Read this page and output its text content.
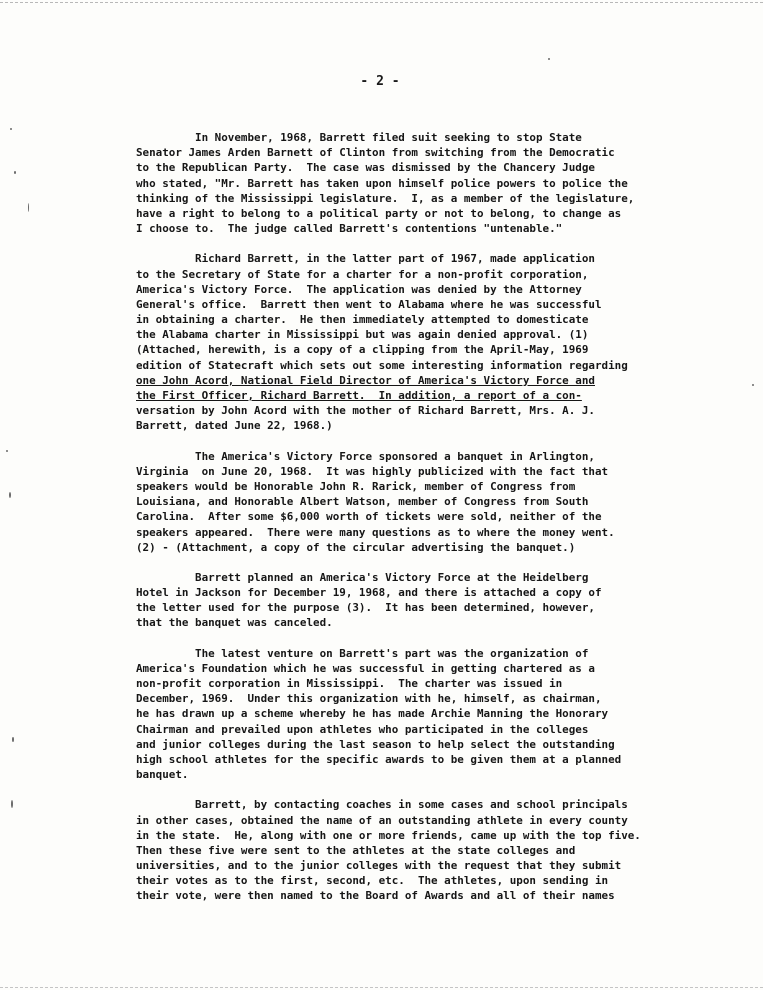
- 2 -

In November, 1968, Barrett filed suit seeking to stop State
Senator James Arden Barnett of Clinton from switching from the Democratic
to the Republican Party.  The case was dismissed by the Chancery Judge
who stated, "Mr. Barrett has taken upon himself police powers to police the
thinking of the Mississippi legislature.  I, as a member of the legislature,
have a right to belong to a political party or not to belong, to change as
I choose to.  The judge called Barrett's contentions "untenable."

Richard Barrett, in the latter part of 1967, made application
to the Secretary of State for a charter for a non-profit corporation,
America's Victory Force.  The application was denied by the Attorney
General's office.  Barrett then went to Alabama where he was successful
in obtaining a charter.  He then immediately attempted to domesticate
the Alabama charter in Mississippi but was again denied approval. (1)
(Attached, herewith, is a copy of a clipping from the April-May, 1969
edition of Statecraft which sets out some interesting information regarding
one John Acord, National Field Director of America's Victory Force and
the First Officer, Richard Barrett.  In addition, a report of a con-
versation by John Acord with the mother of Richard Barrett, Mrs. A. J.
Barrett, dated June 22, 1968.)

The America's Victory Force sponsored a banquet in Arlington,
Virginia  on June 20, 1968.  It was highly publicized with the fact that
speakers would be Honorable John R. Rarick, member of Congress from
Louisiana, and Honorable Albert Watson, member of Congress from South
Carolina.  After some $6,000 worth of tickets were sold, neither of the
speakers appeared.  There were many questions as to where the money went.
(2) - (Attachment, a copy of the circular advertising the banquet.)

Barrett planned an America's Victory Force at the Heidelberg
Hotel in Jackson for December 19, 1968, and there is attached a copy of
the letter used for the purpose (3).  It has been determined, however,
that the banquet was canceled.

The latest venture on Barrett's part was the organization of
America's Foundation which he was successful in getting chartered as a
non-profit corporation in Mississippi.  The charter was issued in
December, 1969.  Under this organization with he, himself, as chairman,
he has drawn up a scheme whereby he has made Archie Manning the Honorary
Chairman and prevailed upon athletes who participated in the colleges
and junior colleges during the last season to help select the outstanding
high school athletes for the specific awards to be given them at a planned
banquet.

Barrett, by contacting coaches in some cases and school principals
in other cases, obtained the name of an outstanding athlete in every county
in the state.  He, along with one or more friends, came up with the top five.
Then these five were sent to the athletes at the state colleges and
universities, and to the junior colleges with the request that they submit
their votes as to the first, second, etc.  The athletes, upon sending in
their vote, were then named to the Board of Awards and all of their names
